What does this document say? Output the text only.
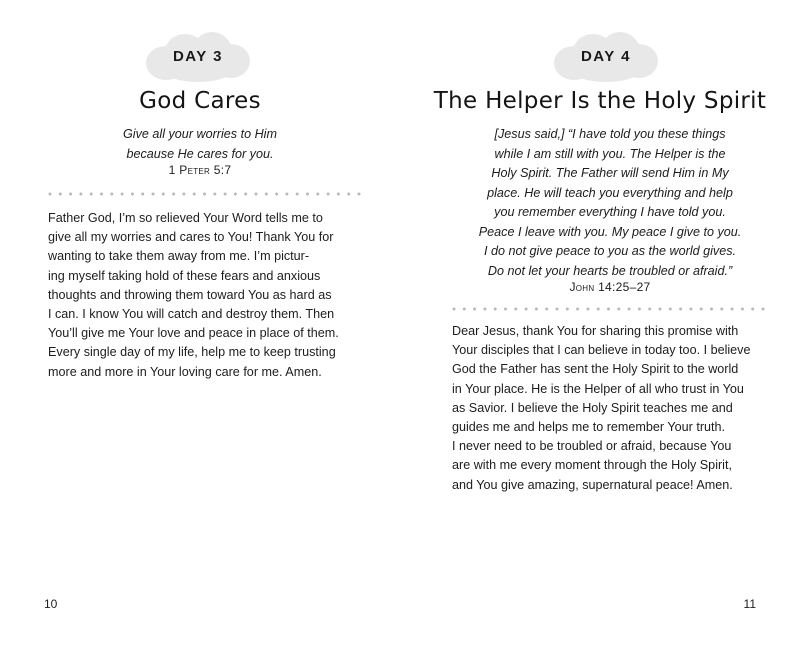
DAY 3
God Cares
Give all your worries to Him
because He cares for you.
1 Peter 5:7
Father God, I’m so relieved Your Word tells me to
give all my worries and cares to You! Thank You for
wanting to take them away from me. I’m pictur-
ing myself taking hold of these fears and anxious
thoughts and throwing them toward You as hard as
I can. I know You will catch and destroy them. Then
You’ll give me Your love and peace in place of them.
Every single day of my life, help me to keep trusting
more and more in Your loving care for me. Amen.
10
DAY 4
The Helper Is the Holy Spirit
[Jesus said,] “I have told you these things
while I am still with you. The Helper is the
Holy Spirit. The Father will send Him in My
place. He will teach you everything and help
you remember everything I have told you.
Peace I leave with you. My peace I give to you.
I do not give peace to you as the world gives.
Do not let your hearts be troubled or afraid.”
John 14:25–27
Dear Jesus, thank You for sharing this promise with
Your disciples that I can believe in today too. I believe
God the Father has sent the Holy Spirit to the world
in Your place. He is the Helper of all who trust in You
as Savior. I believe the Holy Spirit teaches me and
guides me and helps me to remember Your truth.
I never need to be troubled or afraid, because You
are with me every moment through the Holy Spirit,
and You give amazing, supernatural peace! Amen.
11
